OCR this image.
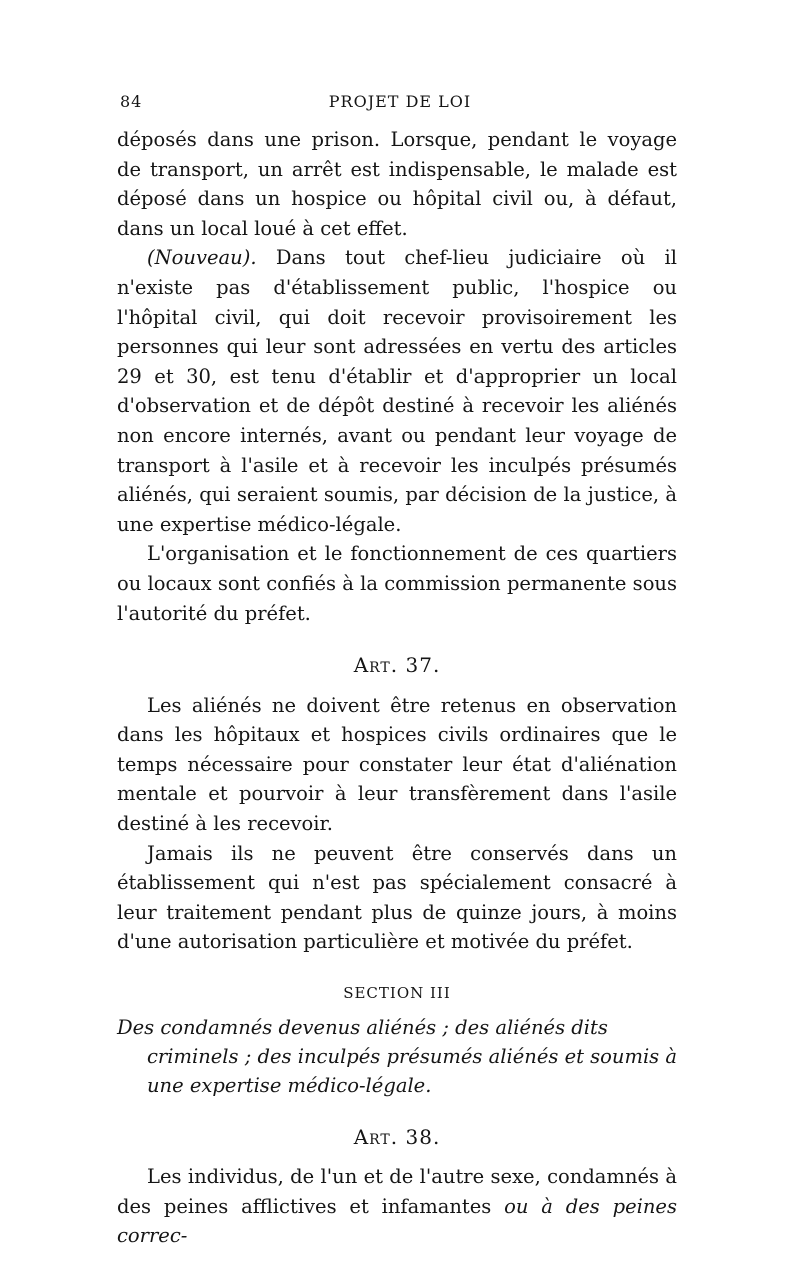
84	PROJET DE LOI

déposés dans une prison. Lorsque, pendant le voyage de transport, un arrêt est indispensable, le malade est déposé dans un hospice ou hôpital civil ou, à défaut, dans un local loué à cet effet.

(Nouveau). Dans tout chef-lieu judiciaire où il n'existe pas d'établissement public, l'hospice ou l'hôpital civil, qui doit recevoir provisoirement les personnes qui leur sont adressées en vertu des articles 29 et 30, est tenu d'établir et d'approprier un local d'observation et de dépôt destiné à recevoir les aliénés non encore internés, avant ou pendant leur voyage de transport à l'asile et à recevoir les inculpés présumés aliénés, qui seraient soumis, par décision de la justice, à une expertise médico-légale.

L'organisation et le fonctionnement de ces quartiers ou locaux sont confiés à la commission permanente sous l'autorité du préfet.

Art. 37.

Les aliénés ne doivent être retenus en observation dans les hôpitaux et hospices civils ordinaires que le temps nécessaire pour constater leur état d'aliénation mentale et pourvoir à leur transfèrement dans l'asile destiné à les recevoir.

Jamais ils ne peuvent être conservés dans un établissement qui n'est pas spécialement consacré à leur traitement pendant plus de quinze jours, à moins d'une autorisation particulière et motivée du préfet.

SECTION III

Des condamnés devenus aliénés ; des aliénés dits criminels ; des inculpés présumés aliénés et soumis à une expertise médico-légale.

Art. 38.

Les individus, de l'un et de l'autre sexe, condamnés à des peines afflictives et infamantes ou à des peines correc-
